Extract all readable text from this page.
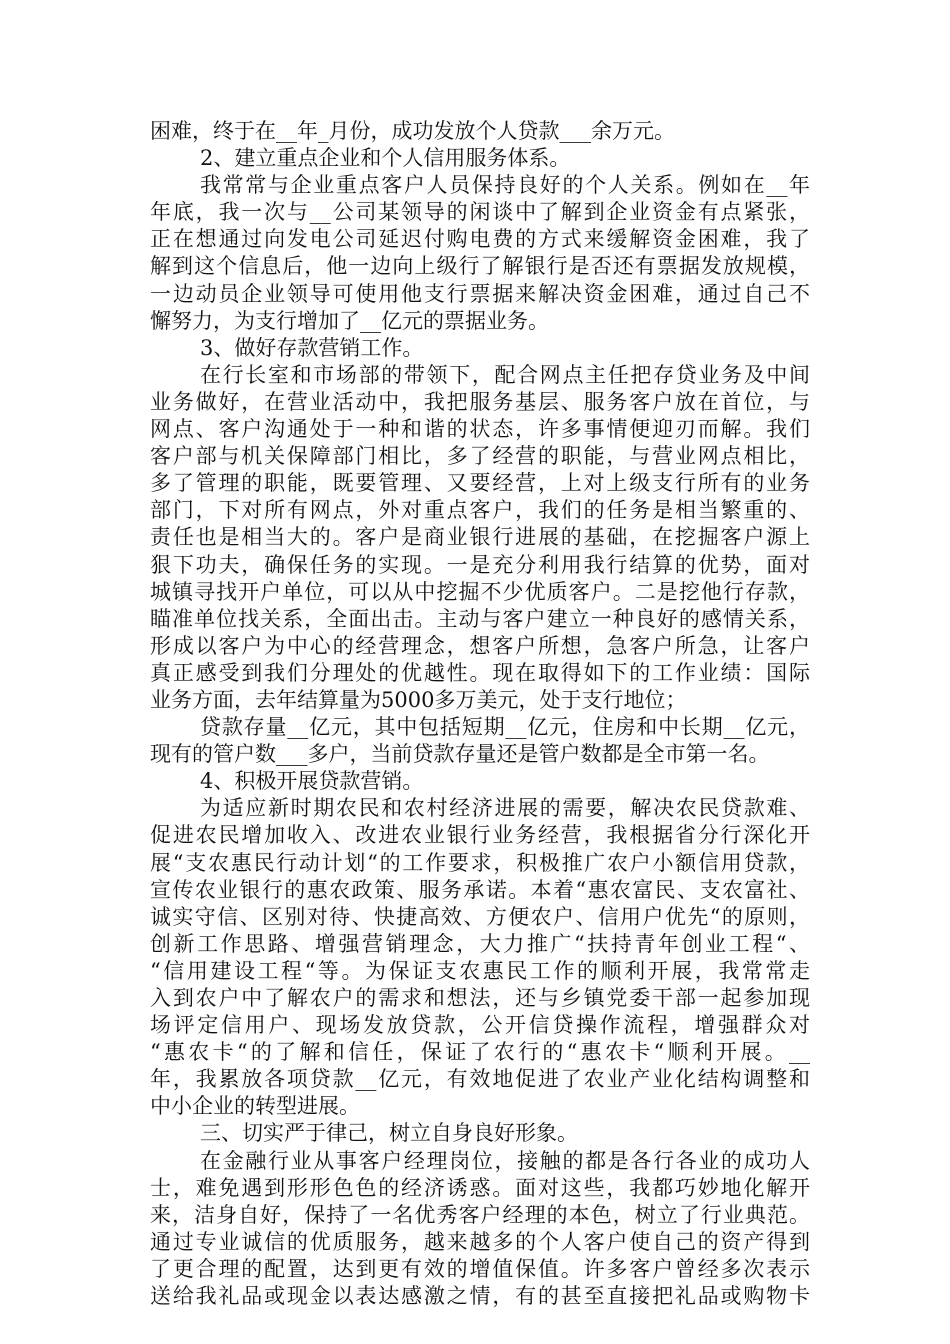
困难，终于在__年_月份，成功发放个人贷款___余万元。
2、建立重点企业和个人信用服务体系。
我常常与企业重点客户人员保持良好的个人关系。例如在__年
年底，我一次与__公司某领导的闲谈中了解到企业资金有点紧张，
正在想通过向发电公司延迟付购电费的方式来缓解资金困难，我了
解到这个信息后，他一边向上级行了解银行是否还有票据发放规模，
一边动员企业领导可使用他支行票据来解决资金困难，通过自己不
懈努力，为支行增加了__亿元的票据业务。
3、做好存款营销工作。
在行长室和市场部的带领下，配合网点主任把存贷业务及中间
业务做好，在营业活动中，我把服务基层、服务客户放在首位，与
网点、客户沟通处于一种和谐的状态，许多事情便迎刃而解。我们
客户部与机关保障部门相比，多了经营的职能，与营业网点相比，
多了管理的职能，既要管理、又要经营，上对上级支行所有的业务
部门，下对所有网点，外对重点客户，我们的任务是相当繁重的、
责任也是相当大的。客户是商业银行进展的基础，在挖掘客户源上
狠下功夫，确保任务的实现。一是充分利用我行结算的优势，面对
城镇寻找开户单位，可以从中挖掘不少优质客户。二是挖他行存款，
瞄准单位找关系，全面出击。主动与客户建立一种良好的感情关系，
形成以客户为中心的经营理念，想客户所想，急客户所急，让客户
真正感受到我们分理处的优越性。现在取得如下的工作业绩：国际
业务方面，去年结算量为5000多万美元，处于支行地位；
贷款存量__亿元，其中包括短期__亿元，住房和中长期__亿元，
现有的管户数___多户，当前贷款存量还是管户数都是全市第一名。
4、积极开展贷款营销。
为适应新时期农民和农村经济进展的需要，解决农民贷款难、
促进农民增加收入、改进农业银行业务经营，我根据省分行深化开
展“支农惠民行动计划“的工作要求，积极推广农户小额信用贷款，
宣传农业银行的惠农政策、服务承诺。本着“惠农富民、支农富社、
诚实守信、区别对待、快捷高效、方便农户、信用户优先“的原则，
创新工作思路、增强营销理念，大力推广“扶持青年创业工程“、
“信用建设工程“等。为保证支农惠民工作的顺利开展，我常常走
入到农户中了解农户的需求和想法，还与乡镇党委干部一起参加现
场评定信用户、现场发放贷款，公开信贷操作流程，增强群众对
“惠农卡“的了解和信任，保证了农行的“惠农卡“顺利开展。__
年，我累放各项贷款__亿元，有效地促进了农业产业化结构调整和
中小企业的转型进展。
三、切实严于律己，树立自身良好形象。
在金融行业从事客户经理岗位，接触的都是各行各业的成功人
士，难免遇到形形色色的经济诱惑。面对这些，我都巧妙地化解开
来，洁身自好，保持了一名优秀客户经理的本色，树立了行业典范。
通过专业诚信的优质服务，越来越多的个人客户使自己的资产得到
了更合理的配置，达到更有效的增值保值。许多客户曾经多次表示
送给我礼品或现金以表达感激之情，有的甚至直接把礼品或购物卡
